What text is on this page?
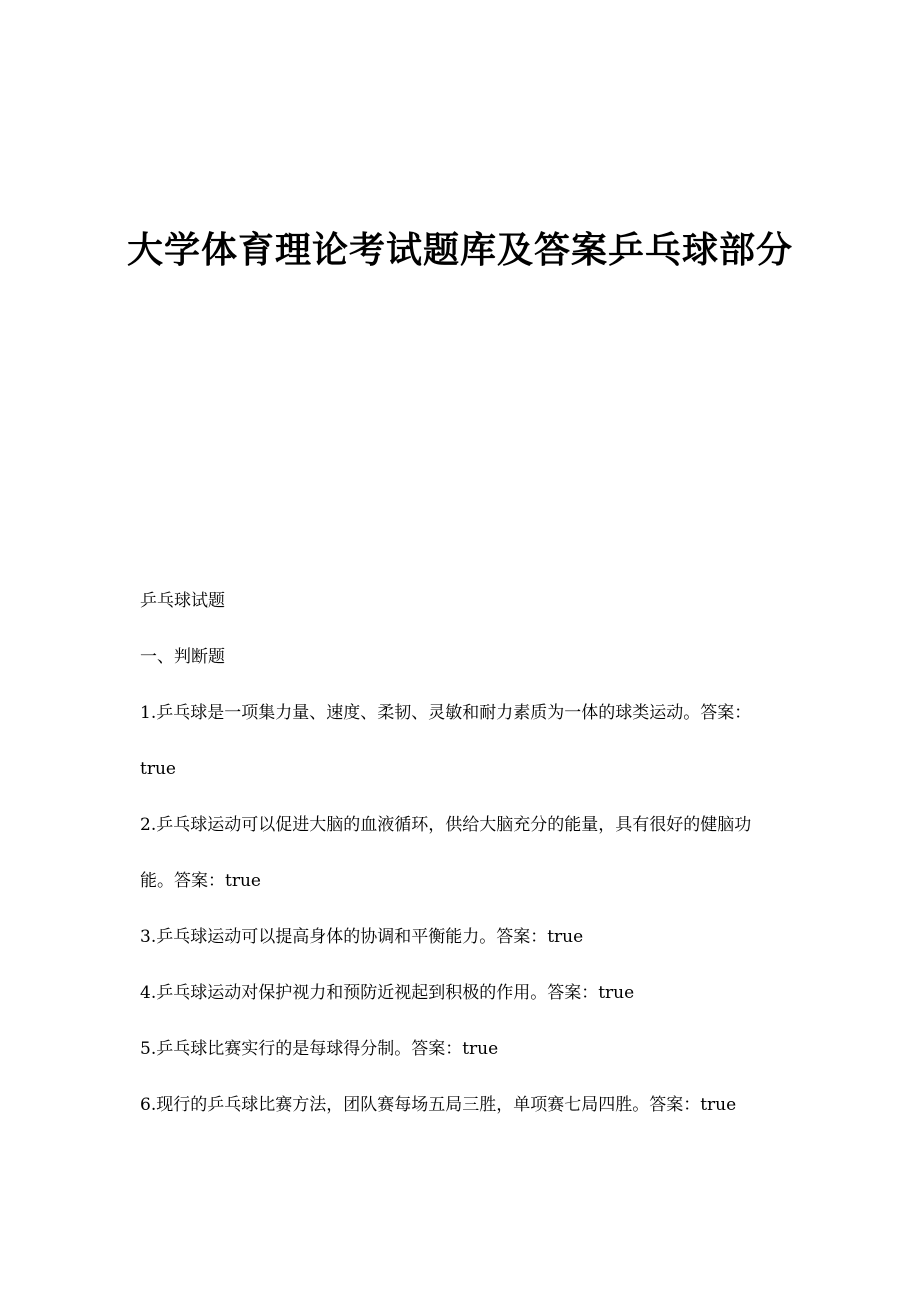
大学体育理论考试题库及答案乒乓球部分

乒乓球试题

一、判断题

1.乒乓球是一项集力量、速度、柔韧、灵敏和耐力素质为一体的球类运动。答案：true

2.乒乓球运动可以促进大脑的血液循环，供给大脑充分的能量，具有很好的健脑功能。答案：true

3.乒乓球运动可以提高身体的协调和平衡能力。答案：true

4.乒乓球运动对保护视力和预防近视起到积极的作用。答案：true

5.乒乓球比赛实行的是每球得分制。答案：true

6.现行的乒乓球比赛方法，团队赛每场五局三胜，单项赛七局四胜。答案：true
